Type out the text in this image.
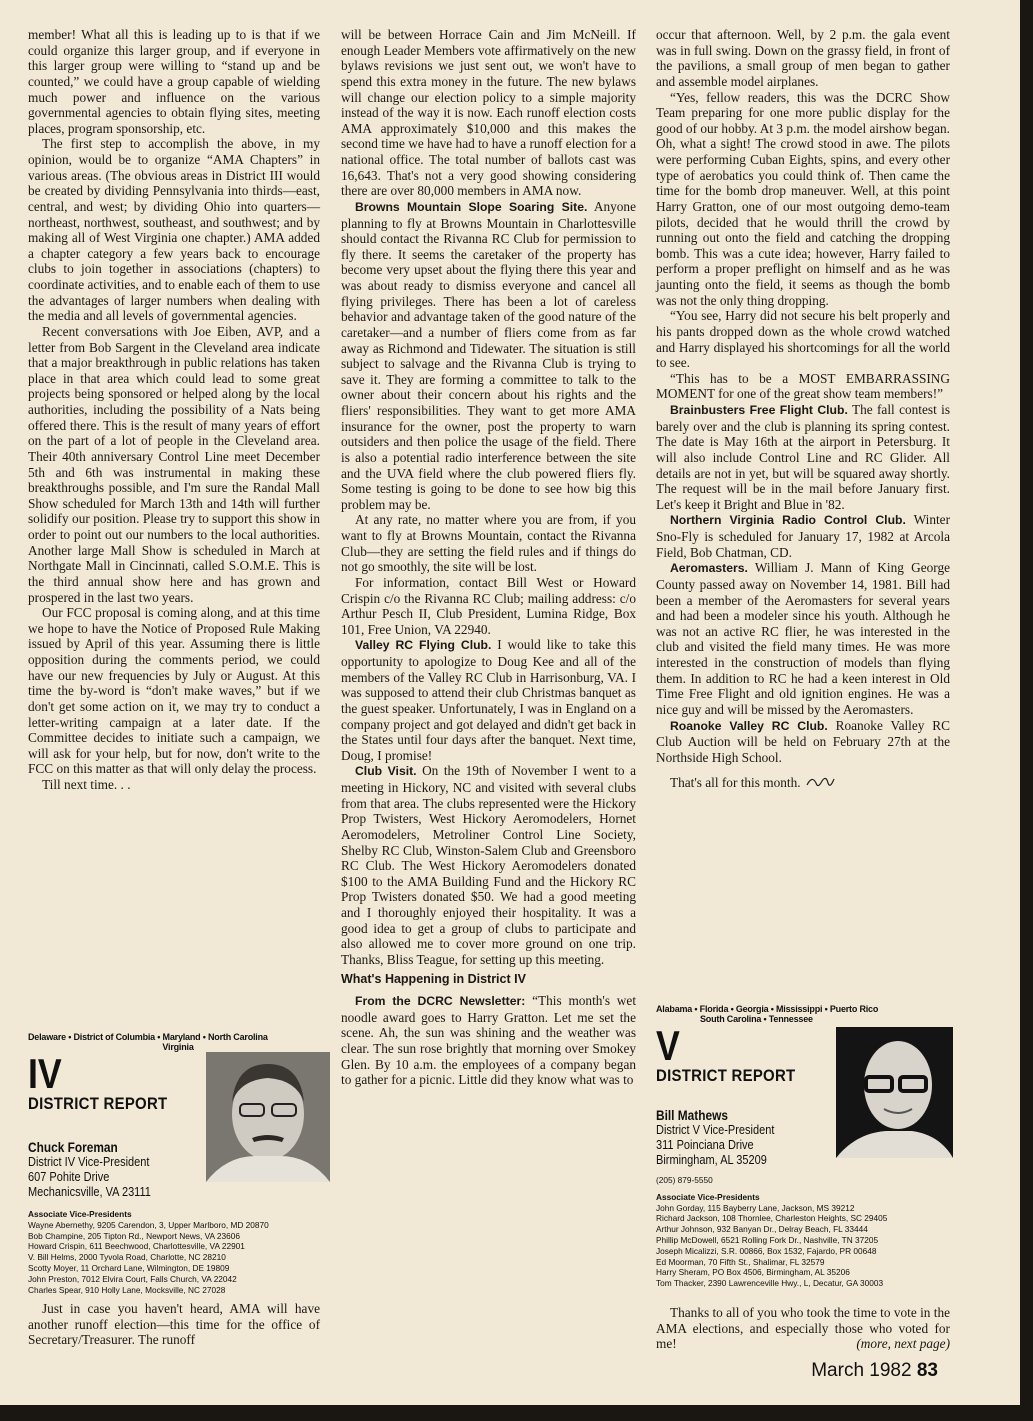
member! What all this is leading up to is that if we could organize this larger group, and if everyone in this larger group were willing to “stand up and be counted,” we could have a group capable of wielding much power and influence on the various governmental agencies to obtain flying sites, meeting places, program sponsorship, etc.

The first step to accomplish the above, in my opinion, would be to organize “AMA Chapters” in various areas. (The obvious areas in District III would be created by dividing Pennsylvania into thirds—east, central, and west; by dividing Ohio into quarters—northeast, northwest, southeast, and southwest; and by making all of West Virginia one chapter.) AMA added a chapter category a few years back to encourage clubs to join together in associations (chapters) to coordinate activities, and to enable each of them to use the advantages of larger numbers when dealing with the media and all levels of governmental agencies.

Recent conversations with Joe Eiben, AVP, and a letter from Bob Sargent in the Cleveland area indicate that a major breakthrough in public relations has taken place in that area which could lead to some great projects being sponsored or helped along by the local authorities, including the possibility of a Nats being offered there. This is the result of many years of effort on the part of a lot of people in the Cleveland area. Their 40th anniversary Control Line meet December 5th and 6th was instrumental in making these breakthroughs possible, and I'm sure the Randal Mall Show scheduled for March 13th and 14th will further solidify our position. Please try to support this show in order to point out our numbers to the local authorities. Another large Mall Show is scheduled in March at Northgate Mall in Cincinnati, called S.O.M.E. This is the third annual show here and has grown and prospered in the last two years.

Our FCC proposal is coming along, and at this time we hope to have the Notice of Proposed Rule Making issued by April of this year. Assuming there is little opposition during the comments period, we could have our new frequencies by July or August. At this time the by-word is “don't make waves,” but if we don't get some action on it, we may try to conduct a letter-writing campaign at a later date. If the Committee decides to initiate such a campaign, we will ask for your help, but for now, don't write to the FCC on this matter as that will only delay the process.

Till next time. . .

Delaware • District of Columbia • Maryland • North Carolina
Virginia
IV
DISTRICT REPORT
Chuck Foreman
District IV Vice-President
607 Pohite Drive
Mechanicsville, VA 23111
Associate Vice-Presidents
Wayne Abernethy, 9205 Carendon, 3, Upper Marlboro, MD 20870
Bob Champine, 205 Tipton Rd., Newport News, VA 23606
Howard Crispin, 611 Beechwood, Charlottesville, VA 22901
V. Bill Helms, 2000 Tyvola Road, Charlotte, NC 28210
Scotty Moyer, 11 Orchard Lane, Wilmington, DE 19809
John Preston, 7012 Elvira Court, Falls Church, VA 22042
Charles Spear, 910 Holly Lane, Mocksville, NC 27028

Just in case you haven't heard, AMA will have another runoff election—this time for the office of Secretary/Treasurer. The runoff

will be between Horrace Cain and Jim McNeill. If enough Leader Members vote affirmatively on the new bylaws revisions we just sent out, we won't have to spend this extra money in the future. The new bylaws will change our election policy to a simple majority instead of the way it is now. Each runoff election costs AMA approximately $10,000 and this makes the second time we have had to have a runoff election for a national office. The total number of ballots cast was 16,643. That's not a very good showing considering there are over 80,000 members in AMA now.

Browns Mountain Slope Soaring Site. Anyone planning to fly at Browns Mountain in Charlottesville should contact the Rivanna RC Club for permission to fly there. It seems the caretaker of the property has become very upset about the flying there this year and was about ready to dismiss everyone and cancel all flying privileges. There has been a lot of careless behavior and advantage taken of the good nature of the caretaker—and a number of fliers come from as far away as Richmond and Tidewater. The situation is still subject to salvage and the Rivanna Club is trying to save it. They are forming a committee to talk to the owner about their concern about his rights and the fliers' responsibilities. They want to get more AMA insurance for the owner, post the property to warn outsiders and then police the usage of the field. There is also a potential radio interference between the site and the UVA field where the club powered fliers fly. Some testing is going to be done to see how big this problem may be.

At any rate, no matter where you are from, if you want to fly at Browns Mountain, contact the Rivanna Club—they are setting the field rules and if things do not go smoothly, the site will be lost.

For information, contact Bill West or Howard Crispin c/o the Rivanna RC Club; mailing address: c/o Arthur Pesch II, Club President, Lumina Ridge, Box 101, Free Union, VA 22940.

Valley RC Flying Club. I would like to take this opportunity to apologize to Doug Kee and all of the members of the Valley RC Club in Harrisonburg, VA. I was supposed to attend their club Christmas banquet as the guest speaker. Unfortunately, I was in England on a company project and got delayed and didn't get back in the States until four days after the banquet. Next time, Doug, I promise!

Club Visit. On the 19th of November I went to a meeting in Hickory, NC and visited with several clubs from that area. The clubs represented were the Hickory Prop Twisters, West Hickory Aeromodelers, Hornet Aeromodelers, Metroliner Control Line Society, Shelby RC Club, Winston-Salem Club and Greensboro RC Club. The West Hickory Aeromodelers donated $100 to the AMA Building Fund and the Hickory RC Prop Twisters donated $50. We had a good meeting and I thoroughly enjoyed their hospitality. It was a good idea to get a group of clubs to participate and also allowed me to cover more ground on one trip. Thanks, Bliss Teague, for setting up this meeting.

What's Happening in District IV

From the DCRC Newsletter: “This month's wet noodle award goes to Harry Gratton. Let me set the scene. Ah, the sun was shining and the weather was clear. The sun rose brightly that morning over Smokey Glen. By 10 a.m. the employees of a company began to gather for a picnic. Little did they know what was to

occur that afternoon. Well, by 2 p.m. the gala event was in full swing. Down on the grassy field, in front of the pavilions, a small group of men began to gather and assemble model airplanes.

“Yes, fellow readers, this was the DCRC Show Team preparing for one more public display for the good of our hobby. At 3 p.m. the model airshow began. Oh, what a sight! The crowd stood in awe. The pilots were performing Cuban Eights, spins, and every other type of aerobatics you could think of. Then came the time for the bomb drop maneuver. Well, at this point Harry Gratton, one of our most outgoing demo-team pilots, decided that he would thrill the crowd by running out onto the field and catching the dropping bomb. This was a cute idea; however, Harry failed to perform a proper preflight on himself and as he was jaunting onto the field, it seems as though the bomb was not the only thing dropping.

“You see, Harry did not secure his belt properly and his pants dropped down as the whole crowd watched and Harry displayed his shortcomings for all the world to see.

“This has to be a MOST EMBARRASSING MOMENT for one of the great show team members!”

Brainbusters Free Flight Club. The fall contest is barely over and the club is planning its spring contest. The date is May 16th at the airport in Petersburg. It will also include Control Line and RC Glider. All details are not in yet, but will be squared away shortly. The request will be in the mail before January first. Let's keep it Bright and Blue in '82.

Northern Virginia Radio Control Club. Winter Sno-Fly is scheduled for January 17, 1982 at Arcola Field, Bob Chatman, CD.

Aeromasters. William J. Mann of King George County passed away on November 14, 1981. Bill had been a member of the Aeromasters for several years and had been a modeler since his youth. Although he was not an active RC flier, he was interested in the club and visited the field many times. He was more interested in the construction of models than flying them. In addition to RC he had a keen interest in Old Time Free Flight and old ignition engines. He was a nice guy and will be missed by the Aeromasters.

Roanoke Valley RC Club. Roanoke Valley RC Club Auction will be held on February 27th at the Northside High School.

That's all for this month.

Alabama • Florida • Georgia • Mississippi • Puerto Rico
South Carolina • Tennessee
V
DISTRICT REPORT
Bill Mathews
District V Vice-President
311 Poinciana Drive
Birmingham, AL 35209
(205) 879-5550
Associate Vice-Presidents
John Gorday, 115 Bayberry Lane, Jackson, MS 39212
Richard Jackson, 108 Thornlee, Charleston Heights, SC 29405
Arthur Johnson, 932 Banyan Dr., Delray Beach, FL 33444
Phillip McDowell, 6521 Rolling Fork Dr., Nashville, TN 37205
Joseph Micalizzi, S.R. 00866, Box 1532, Fajardo, PR 00648
Ed Moorman, 70 Fifth St., Shalimar, FL 32579
Harry Sheram, PO Box 4506, Birmingham, AL 35206
Tom Thacker, 2390 Lawrenceville Hwy., L, Decatur, GA 30003

Thanks to all of you who took the time to vote in the AMA elections, and especially those who voted for me!	(more, next page)

March 1982 83
